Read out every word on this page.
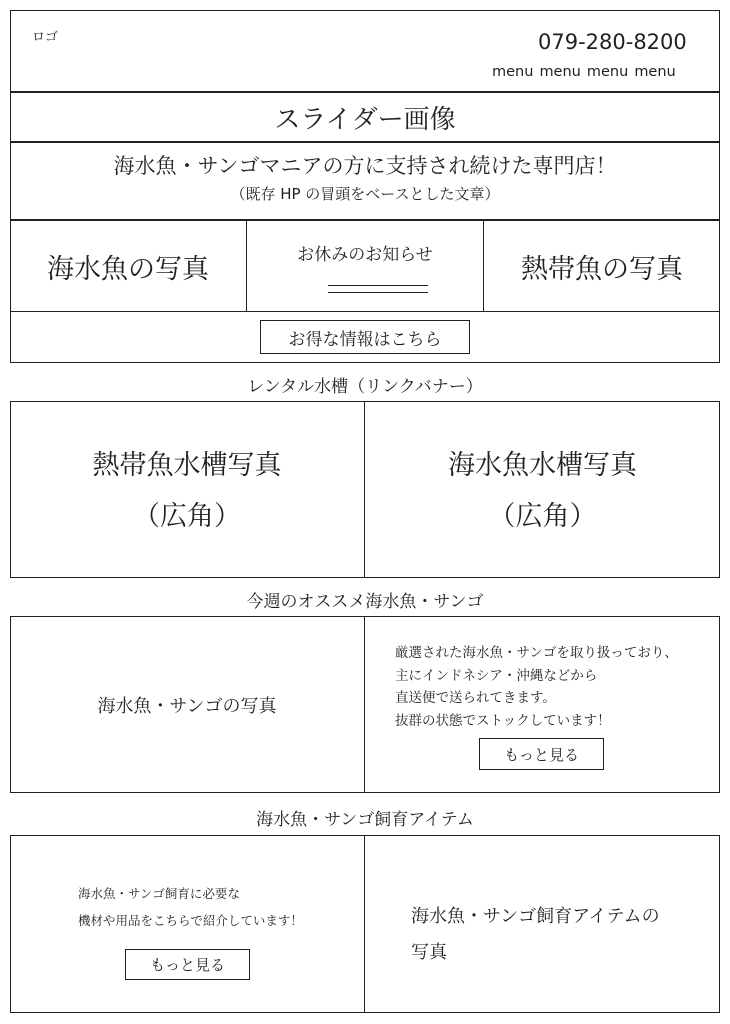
ロゴ	079-280-8200
menu menu menu menu
スライダー画像
海水魚・サンゴマニアの方に支持され続けた専門店！
（既存 HP の冒頭をベースとした文章）
海水魚の写真	お休みのお知らせ	熱帯魚の写真
お得な情報はこちら
レンタル水槽（リンクバナー）
熱帯魚水槽写真
（広角）
海水魚水槽写真
（広角）
今週のオススメ海水魚・サンゴ
海水魚・サンゴの写真
厳選された海水魚・サンゴを取り扱っており、
主にインドネシア・沖縄などから
直送便で送られてきます。
抜群の状態でストックしています！
もっと見る
海水魚・サンゴ飼育アイテム
海水魚・サンゴ飼育に必要な
機材や用品をこちらで紹介しています！
もっと見る
海水魚・サンゴ飼育アイテムの
写真
